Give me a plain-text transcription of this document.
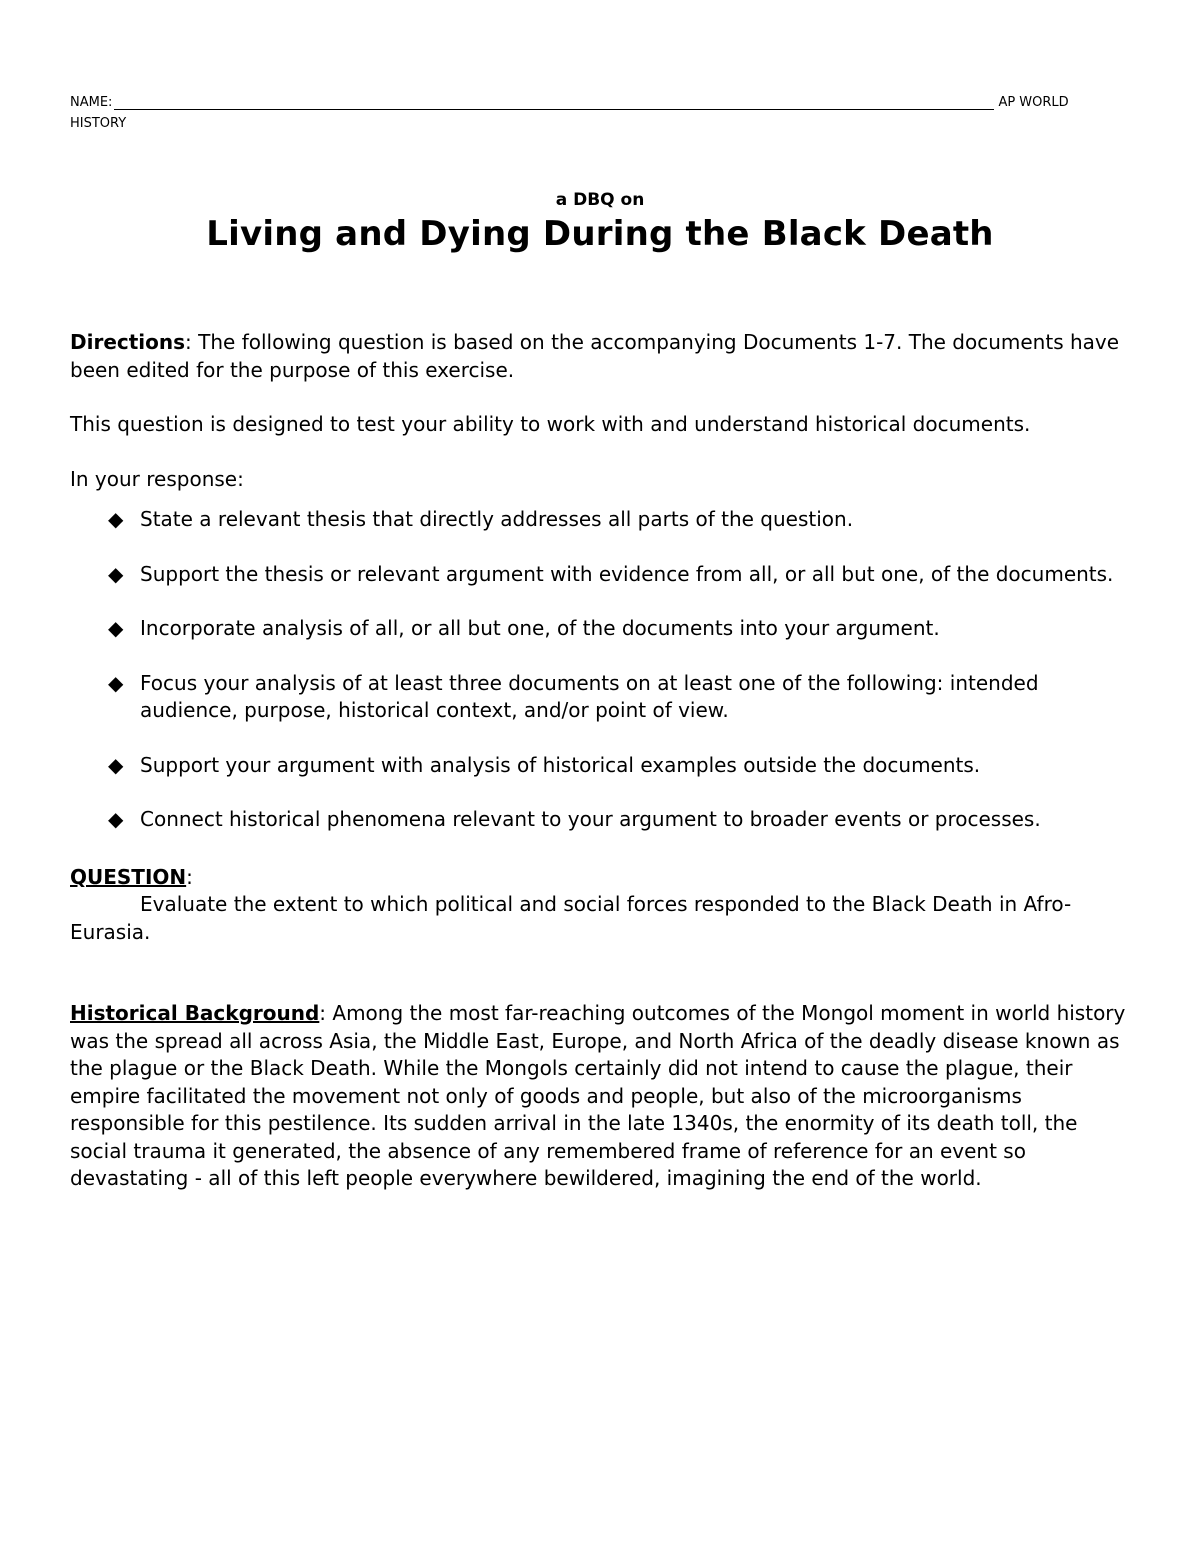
NAME:	AP WORLD
HISTORY
a DBQ on
Living and Dying During the Black Death

Directions: The following question is based on the accompanying Documents 1-7. The documents have been edited for the purpose of this exercise.

This question is designed to test your ability to work with and understand historical documents.

In your response:

◆ State a relevant thesis that directly addresses all parts of the question.
◆ Support the thesis or relevant argument with evidence from all, or all but one, of the documents.
◆ Incorporate analysis of all, or all but one, of the documents into your argument.
◆ Focus your analysis of at least three documents on at least one of the following: intended audience, purpose, historical context, and/or point of view.
◆ Support your argument with analysis of historical examples outside the documents.
◆ Connect historical phenomena relevant to your argument to broader events or processes.

QUESTION:

Evaluate the extent to which political and social forces responded to the Black Death in Afro-Eurasia.

Historical Background: Among the most far-reaching outcomes of the Mongol moment in world history was the spread all across Asia, the Middle East, Europe, and North Africa of the deadly disease known as the plague or the Black Death. While the Mongols certainly did not intend to cause the plague, their empire facilitated the movement not only of goods and people, but also of the microorganisms responsible for this pestilence. Its sudden arrival in the late 1340s, the enormity of its death toll, the social trauma it generated, the absence of any remembered frame of reference for an event so devastating - all of this left people everywhere bewildered, imagining the end of the world.
